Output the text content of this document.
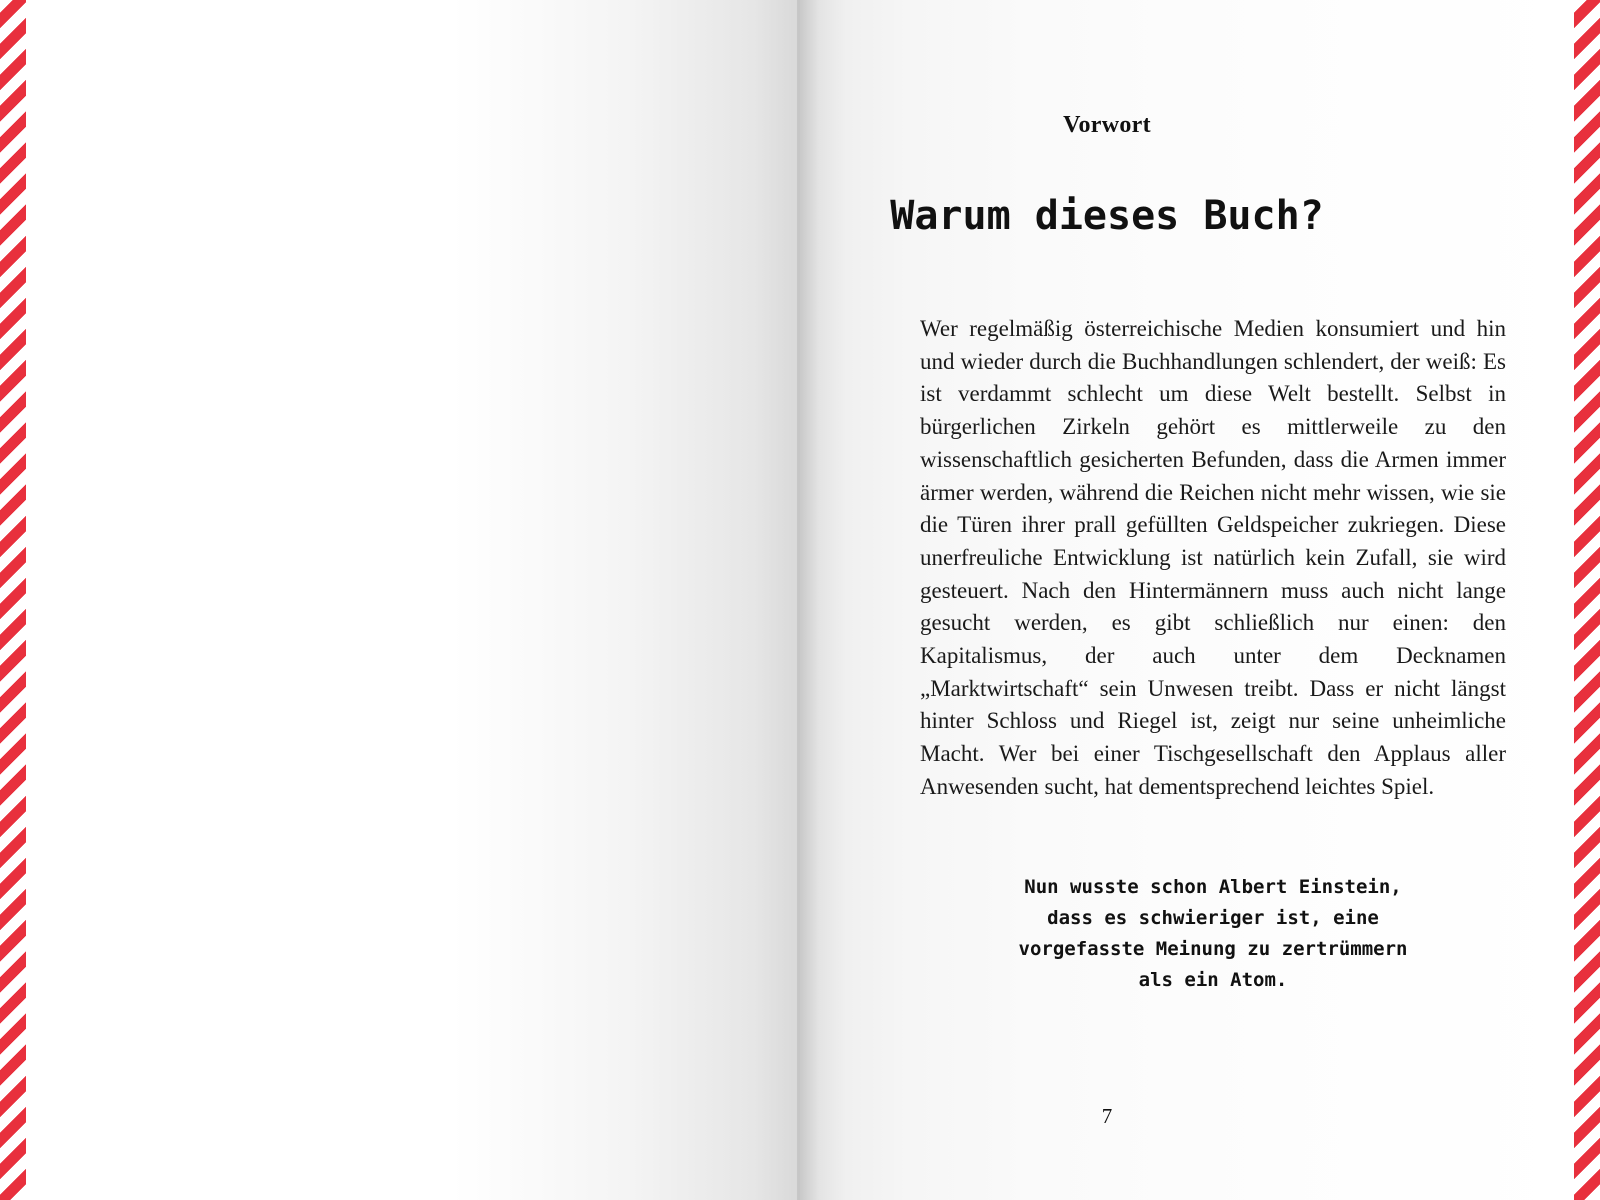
Vorwort
Warum dieses Buch?

Wer regelmäßig österreichische Medien konsumiert und hin und wieder durch die Buchhandlungen schlendert, der weiß: Es ist verdammt schlecht um diese Welt bestellt. Selbst in bürgerlichen Zirkeln gehört es mittlerweile zu den wissenschaftlich gesicherten Befunden, dass die Armen immer ärmer werden, während die Reichen nicht mehr wissen, wie sie die Türen ihrer prall gefüllten Geldspeicher zukriegen. Diese unerfreuliche Entwicklung ist natürlich kein Zufall, sie wird gesteuert. Nach den Hintermännern muss auch nicht lange gesucht werden, es gibt schließlich nur einen: den Kapitalismus, der auch unter dem Decknamen „Marktwirtschaft“ sein Unwesen treibt. Dass er nicht längst hinter Schloss und Riegel ist, zeigt nur seine unheimliche Macht. Wer bei einer Tischgesellschaft den Applaus aller Anwesenden sucht, hat dementsprechend leichtes Spiel.

Nun wusste schon Albert Einstein,
dass es schwieriger ist, eine
vorgefasste Meinung zu zertrümmern
als ein Atom.
7
